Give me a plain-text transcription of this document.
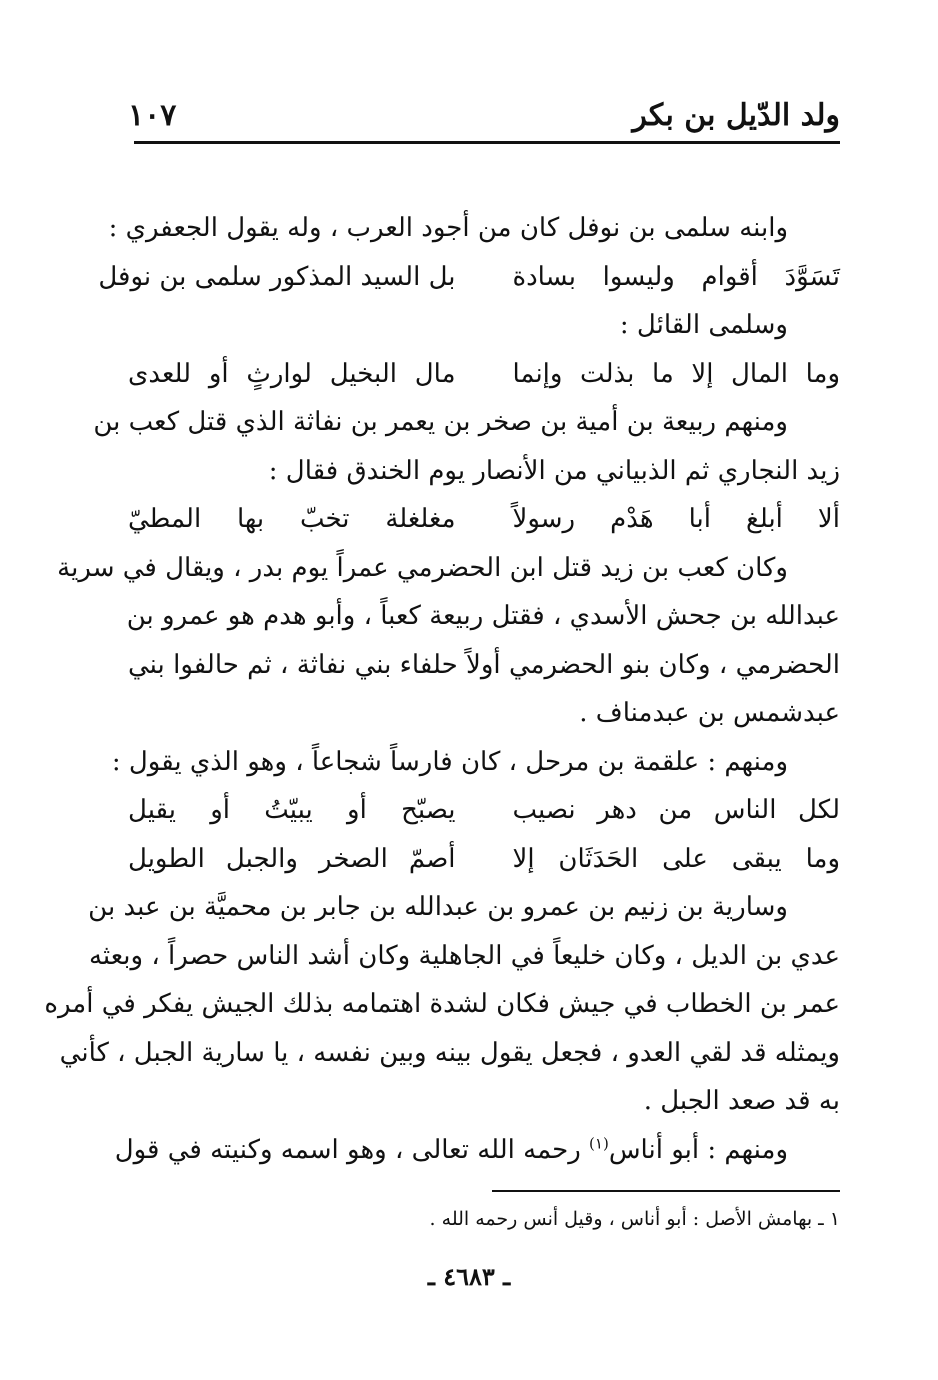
ولد الدّيل بن بكر
١٠٧
وابنه سلمى بن نوفل كان من أجود العرب ، وله يقول الجعفري :
تَسَوَّدَ أقوام وليسوا بسادة
بل السيد المذكور سلمى بن نوفل
وسلمى القائل :
وما المال إلا ما بذلت وإنما
مال البخيل لوارثٍ أو للعدى
ومنهم ربيعة بن أمية بن صخر بن يعمر بن نفاثة الذي قتل كعب بن
زيد النجاري ثم الذبياني من الأنصار يوم الخندق فقال :
ألا أبلغ أبا هَدْم رسولاً
مغلغلة تخبّ بها المطيّ
وكان كعب بن زيد قتل ابن الحضرمي عمراً يوم بدر ، ويقال في سرية
عبدالله بن جحش الأسدي ، فقتل ربيعة كعباً ، وأبو هدم هو عمرو بن
الحضرمي ، وكان بنو الحضرمي أولاً حلفاء بني نفاثة ، ثم حالفوا بني
عبدشمس بن عبدمناف .
ومنهم : علقمة بن مرحل ، كان فارساً شجاعاً ، وهو الذي يقول :
لكل الناس من دهر نصيب
يصبّح أو يبيّتُ أو يقيل
وما يبقى على الحَدَثَان إلا
أصمّ الصخر والجبل الطويل
وسارية بن زنيم بن عمرو بن عبدالله بن جابر بن محميَّة بن عبد بن
عدي بن الديل ، وكان خليعاً في الجاهلية وكان أشد الناس حصراً ، وبعثه
عمر بن الخطاب في جيش فكان لشدة اهتمامه بذلك الجيش يفكر في أمره
ويمثله قد لقي العدو ، فجعل يقول بينه وبين نفسه ، يا سارية الجبل ، كأني
به قد صعد الجبل .
ومنهم : أبو أناس$^{(١)}$ رحمه الله تعالى ، وهو اسمه وكنيته في قول
١ ـ بهامش الأصل : أبو أناس ، وقيل أنس رحمه الله .
ـ ٤٦٨٣ ـ
